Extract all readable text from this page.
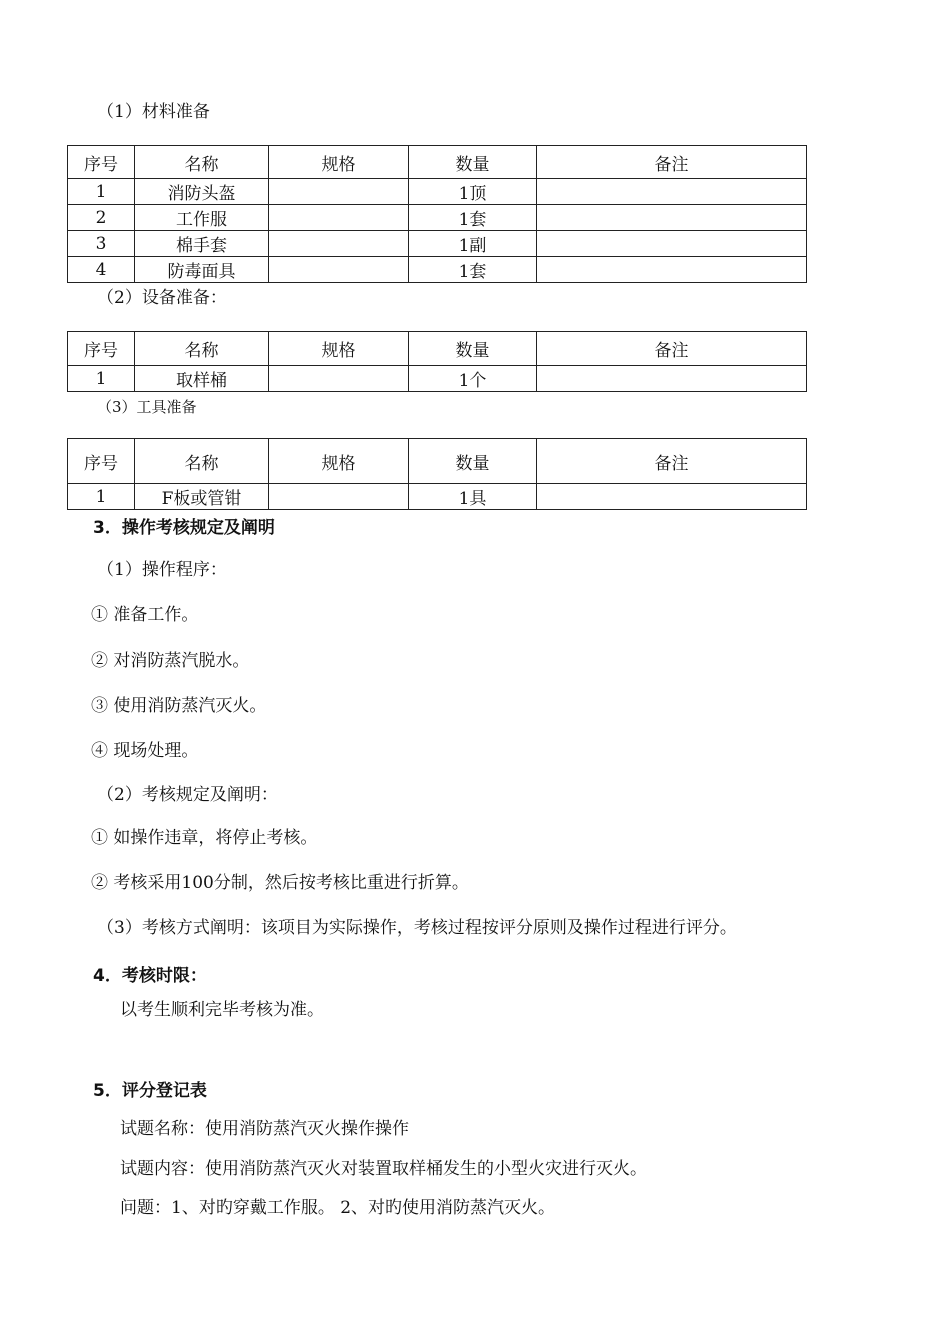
（1）材料准备
序号	名称	规格	数量	备注
1	消防头盔		1顶	
2	工作服		1套	
3	棉手套		1副	
4	防毒面具		1套	
（2）设备准备：
序号	名称	规格	数量	备注
1	取样桶		1个	
（3）工具准备
序号	名称	规格	数量	备注
1	F板或管钳		1具	
3．操作考核规定及阐明
（1）操作程序：
① 准备工作。
② 对消防蒸汽脱水。
③ 使用消防蒸汽灭火。
④ 现场处理。
（2）考核规定及阐明：
① 如操作违章，将停止考核。
② 考核采用100分制，然后按考核比重进行折算。
（3）考核方式阐明：该项目为实际操作，考核过程按评分原则及操作过程进行评分。
4．考核时限：
以考生顺利完毕考核为准。
5．评分登记表
试题名称：使用消防蒸汽灭火操作操作
试题内容：使用消防蒸汽灭火对装置取样桶发生的小型火灾进行灭火。
问题：1、对旳穿戴工作服。 2、对旳使用消防蒸汽灭火。
